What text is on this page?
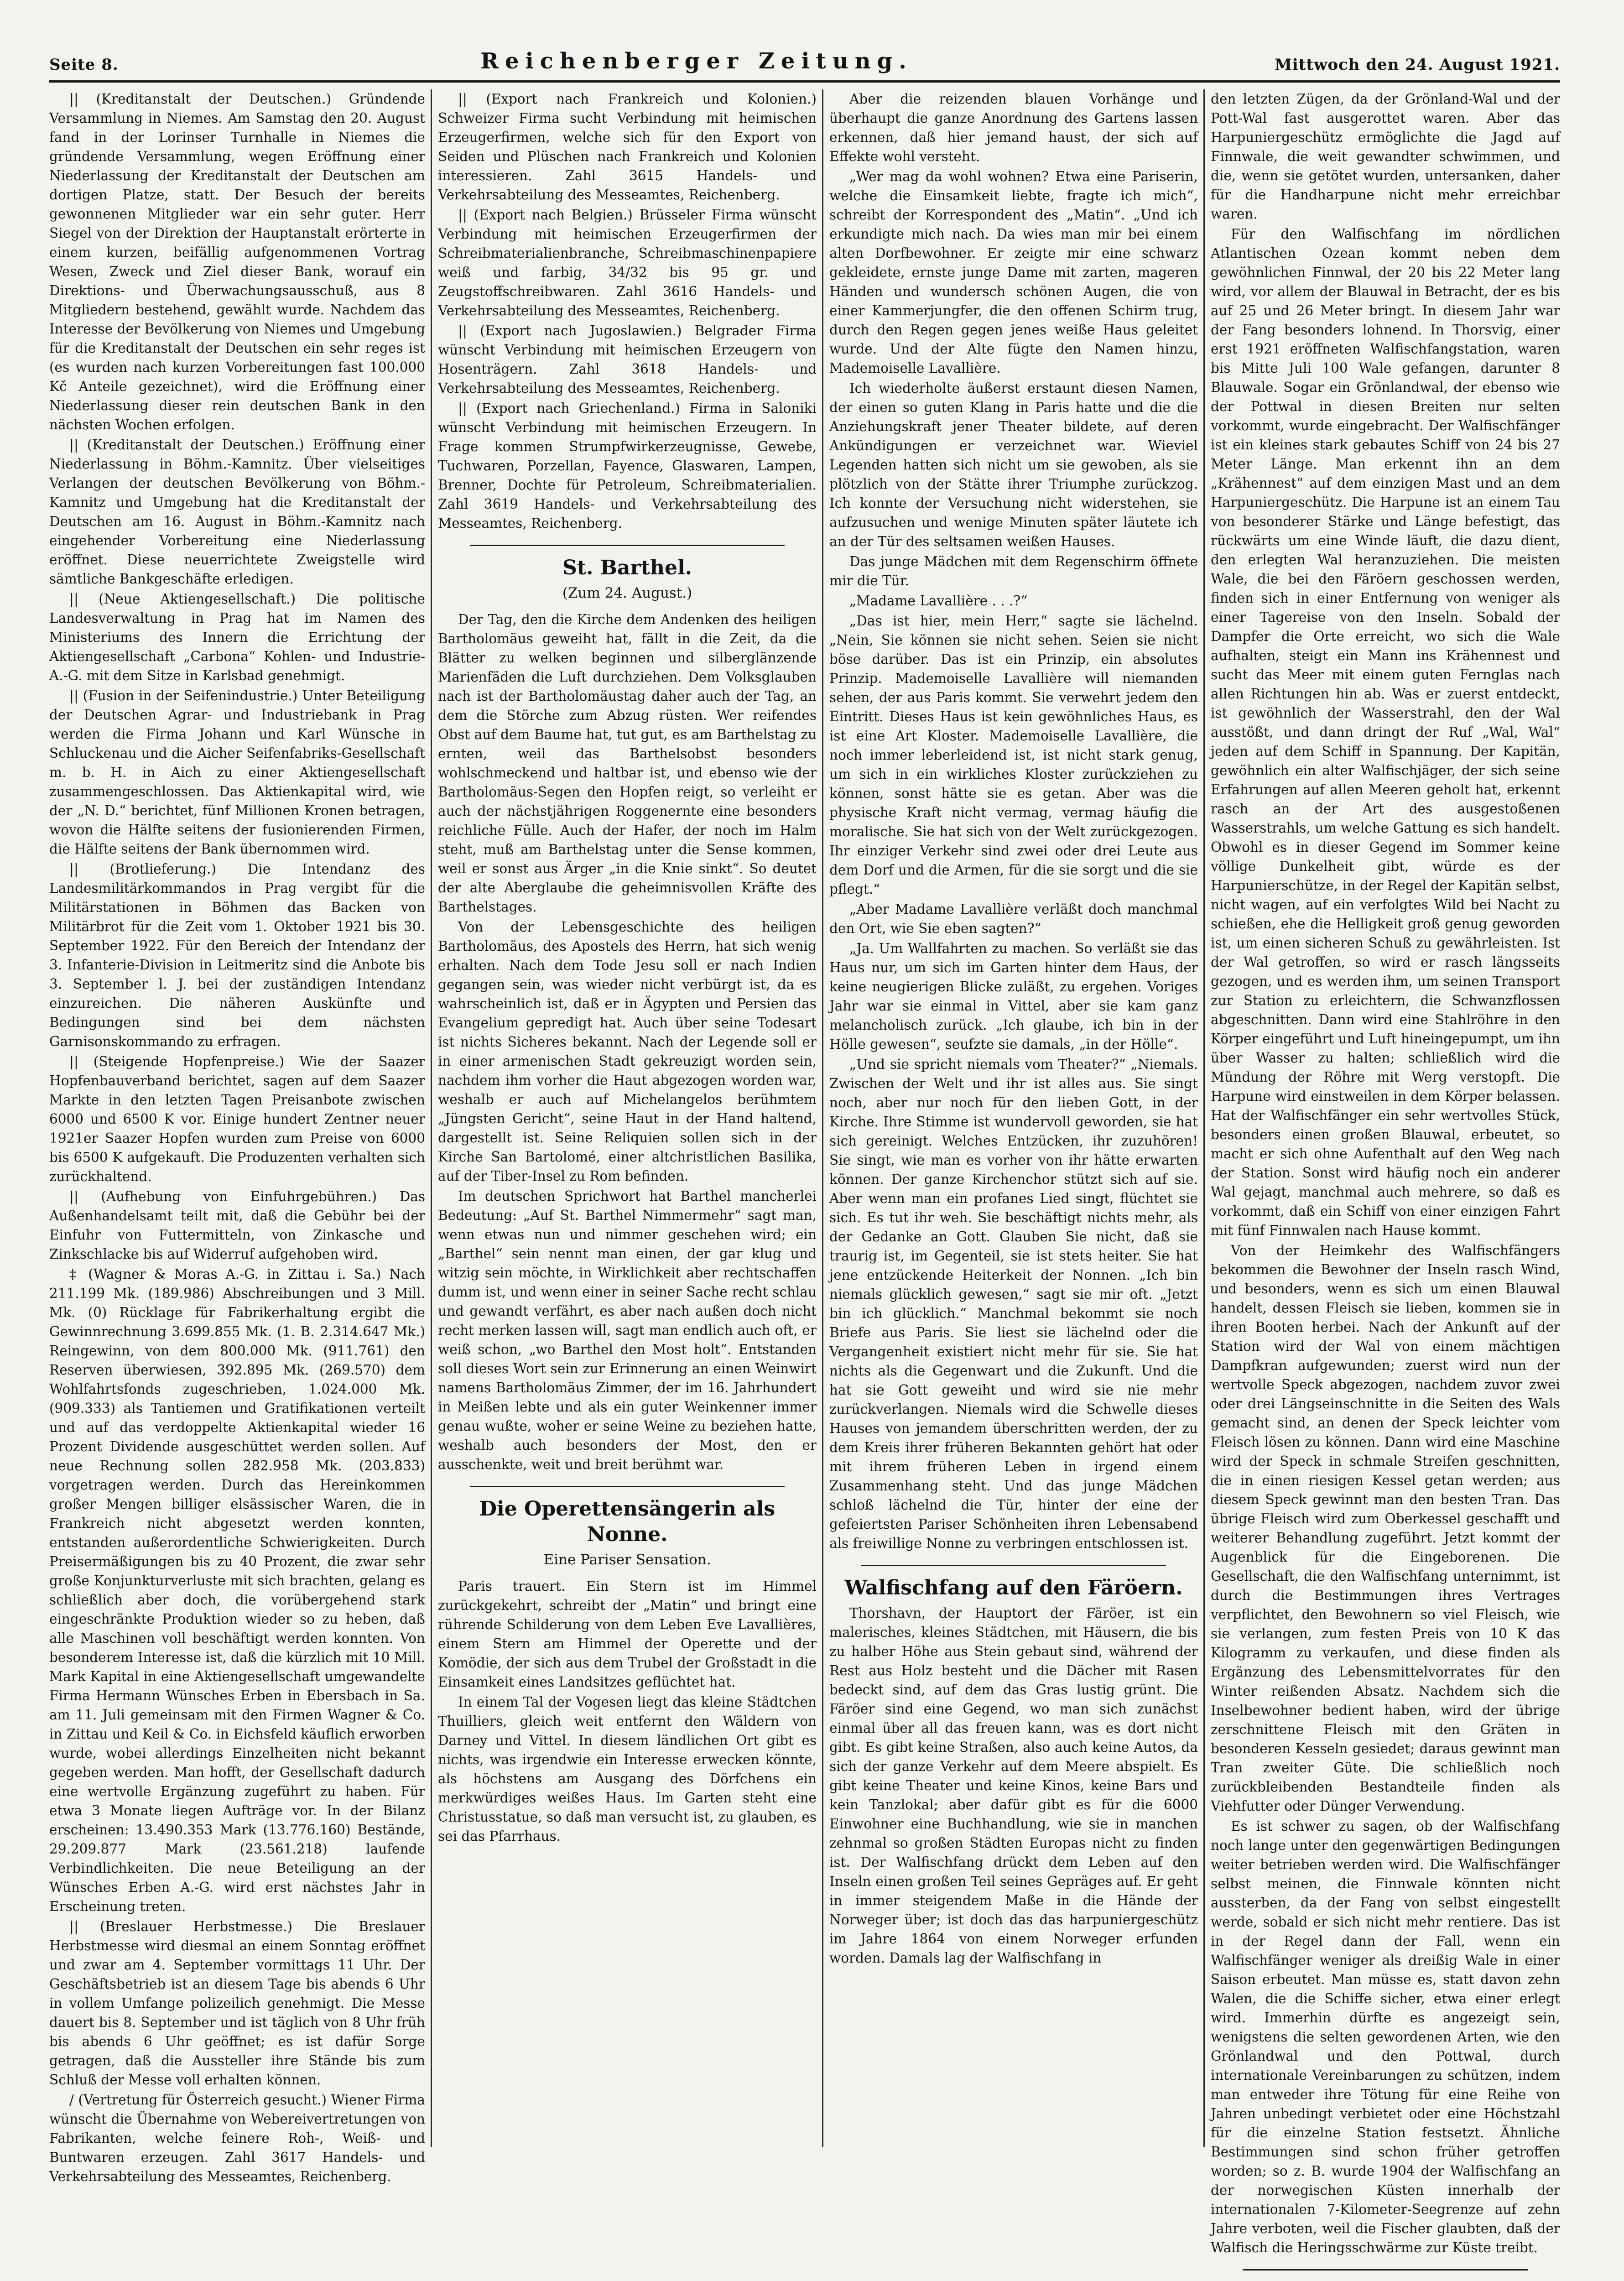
Seite 8.	Reichenberger Zeitung.	Mittwoch den 24. August 1921.

|| (Kreditanstalt der Deutschen.) Gründende Versammlung in Niemes. Am Samstag den 20. August fand in der Lorinser Turnhalle in Niemes die gründende Versammlung, wegen Eröffnung einer Niederlassung der Kreditanstalt der Deutschen am dortigen Platze, statt. Der Besuch der bereits gewonnenen Mitglieder war ein sehr guter. Herr Siegel von der Direktion der Hauptanstalt erörterte in einem kurzen, beifällig aufgenommenen Vortrag Wesen, Zweck und Ziel dieser Bank, worauf ein Direktions- und Überwachungsausschuß, aus 8 Mitgliedern bestehend, gewählt wurde. Nachdem das Interesse der Bevölkerung von Niemes und Umgebung für die Kreditanstalt der Deutschen ein sehr reges ist (es wurden nach kurzen Vorbereitungen fast 100.000 Kč Anteile gezeichnet), wird die Eröffnung einer Niederlassung dieser rein deutschen Bank in den nächsten Wochen erfolgen.

|| (Kreditanstalt der Deutschen.) Eröffnung einer Niederlassung in Böhm.-Kamnitz. Über vielseitiges Verlangen der deutschen Bevölkerung von Böhm.-Kamnitz und Umgebung hat die Kreditanstalt der Deutschen am 16. August in Böhm.-Kamnitz nach eingehender Vorbereitung eine Niederlassung eröffnet. Diese neuerrichtete Zweigstelle wird sämtliche Bankgeschäfte erledigen.

|| (Neue Aktiengesellschaft.) Die politische Landesverwaltung in Prag hat im Namen des Ministeriums des Innern die Errichtung der Aktiengesellschaft „Carbona“ Kohlen- und Industrie-A.-G. mit dem Sitze in Karlsbad genehmigt.

|| (Fusion in der Seifenindustrie.) Unter Beteiligung der Deutschen Agrar- und Industriebank in Prag werden die Firma Johann und Karl Wünsche in Schluckenau und die Aicher Seifenfabriks-Gesellschaft m. b. H. in Aich zu einer Aktiengesellschaft zusammengeschlossen. Das Aktienkapital wird, wie der „N. D.“ berichtet, fünf Millionen Kronen betragen, wovon die Hälfte seitens der fusionierenden Firmen, die Hälfte seitens der Bank übernommen wird.

|| (Brotlieferung.) Die Intendanz des Landesmilitärkommandos in Prag vergibt für die Militärstationen in Böhmen das Backen von Militärbrot für die Zeit vom 1. Oktober 1921 bis 30. September 1922. Für den Bereich der Intendanz der 3. Infanterie-Division in Leitmeritz sind die Anbote bis 3. September l. J. bei der zuständigen Intendanz einzureichen. Die näheren Auskünfte und Bedingungen sind bei dem nächsten Garnisonskommando zu erfragen.

|| (Steigende Hopfenpreise.) Wie der Saazer Hopfenbauverband berichtet, sagen auf dem Saazer Markte in den letzten Tagen Preisanbote zwischen 6000 und 6500 K vor. Einige hundert Zentner neuer 1921er Saazer Hopfen wurden zum Preise von 6000 bis 6500 K aufgekauft. Die Produzenten verhalten sich zurückhaltend.

|| (Aufhebung von Einfuhrgebühren.) Das Außenhandelsamt teilt mit, daß die Gebühr bei der Einfuhr von Futtermitteln, von Zinkasche und Zinkschlacke bis auf Widerruf aufgehoben wird.

‡ (Wagner & Moras A.-G. in Zittau i. Sa.) Nach 211.199 Mk. (189.986) Abschreibungen und 3 Mill. Mk. (0) Rücklage für Fabrikerhaltung ergibt die Gewinnrechnung 3.699.855 Mk. (1. B. 2.314.647 Mk.) Reingewinn, von dem 800.000 Mk. (911.761) den Reserven überwiesen, 392.895 Mk. (269.570) dem Wohlfahrtsfonds zugeschrieben, 1.024.000 Mk. (909.333) als Tantiemen und Gratifikationen verteilt und auf das verdoppelte Aktienkapital wieder 16 Prozent Dividende ausgeschüttet werden sollen. Auf neue Rechnung sollen 282.958 Mk. (203.833) vorgetragen werden. Durch das Hereinkommen großer Mengen billiger elsässischer Waren, die in Frankreich nicht abgesetzt werden konnten, entstanden außerordentliche Schwierigkeiten. Durch Preisermäßigungen bis zu 40 Prozent, die zwar sehr große Konjunkturverluste mit sich brachten, gelang es schließlich aber doch, die vorübergehend stark eingeschränkte Produktion wieder so zu heben, daß alle Maschinen voll beschäftigt werden konnten. Von besonderem Interesse ist, daß die kürzlich mit 10 Mill. Mark Kapital in eine Aktiengesellschaft umgewandelte Firma Hermann Wünsches Erben in Ebersbach in Sa. am 11. Juli gemeinsam mit den Firmen Wagner & Co. in Zittau und Keil & Co. in Eichsfeld käuflich erworben wurde, wobei allerdings Einzelheiten nicht bekannt gegeben werden. Man hofft, der Gesellschaft dadurch eine wertvolle Ergänzung zugeführt zu haben. Für etwa 3 Monate liegen Aufträge vor. In der Bilanz erscheinen: 13.490.353 Mark (13.776.160) Bestände, 29.209.877 Mark (23.561.218) laufende Verbindlichkeiten. Die neue Beteiligung an der Wünsches Erben A.-G. wird erst nächstes Jahr in Erscheinung treten.

|| (Breslauer Herbstmesse.) Die Breslauer Herbstmesse wird diesmal an einem Sonntag eröffnet und zwar am 4. September vormittags 11 Uhr. Der Geschäftsbetrieb ist an diesem Tage bis abends 6 Uhr in vollem Umfange polizeilich genehmigt. Die Messe dauert bis 8. September und ist täglich von 8 Uhr früh bis abends 6 Uhr geöffnet; es ist dafür Sorge getragen, daß die Aussteller ihre Stände bis zum Schluß der Messe voll erhalten können.

/ (Vertretung für Österreich gesucht.) Wiener Firma wünscht die Übernahme von Webereivertretungen von Fabrikanten, welche feinere Roh-, Weiß- und Buntwaren erzeugen. Zahl 3617 Handels- und Verkehrsabteilung des Messeamtes, Reichenberg.

|| (Export nach Frankreich und Kolonien.) Schweizer Firma sucht Verbindung mit heimischen Erzeugerfirmen, welche sich für den Export von Seiden und Plüschen nach Frankreich und Kolonien interessieren. Zahl 3615 Handels- und Verkehrsabteilung des Messeamtes, Reichenberg.

|| (Export nach Belgien.) Brüsseler Firma wünscht Verbindung mit heimischen Erzeugerfirmen der Schreibmaterialienbranche, Schreibmaschinenpapiere weiß und farbig, 34/32 bis 95 gr. und Zeugstoffschreibwaren. Zahl 3616 Handels- und Verkehrsabteilung des Messeamtes, Reichenberg.

|| (Export nach Jugoslawien.) Belgrader Firma wünscht Verbindung mit heimischen Erzeugern von Hosenträgern. Zahl 3618 Handels- und Verkehrsabteilung des Messeamtes, Reichenberg.

|| (Export nach Griechenland.) Firma in Saloniki wünscht Verbindung mit heimischen Erzeugern. In Frage kommen Strumpfwirkerzeugnisse, Gewebe, Tuchwaren, Porzellan, Fayence, Glaswaren, Lampen, Brenner, Dochte für Petroleum, Schreibmaterialien. Zahl 3619 Handels- und Verkehrsabteilung des Messeamtes, Reichenberg.

St. Barthel.
(Zum 24. August.)

Der Tag, den die Kirche dem Andenken des heiligen Bartholomäus geweiht hat, fällt in die Zeit, da die Blätter zu welken beginnen und silberglänzende Marienfäden die Luft durchziehen. Dem Volksglauben nach ist der Bartholomäustag daher auch der Tag, an dem die Störche zum Abzug rüsten. Wer reifendes Obst auf dem Baume hat, tut gut, es am Barthelstag zu ernten, weil das Barthelsobst besonders wohlschmeckend und haltbar ist, und ebenso wie der Bartholomäus-Segen den Hopfen reigt, so verleiht er auch der nächstjährigen Roggenernte eine besonders reichliche Fülle. Auch der Hafer, der noch im Halm steht, muß am Barthelstag unter die Sense kommen, weil er sonst aus Ärger „in die Knie sinkt“. So deutet der alte Aberglaube die geheimnisvollen Kräfte des Barthelstages.

Von der Lebensgeschichte des heiligen Bartholomäus, des Apostels des Herrn, hat sich wenig erhalten. Nach dem Tode Jesu soll er nach Indien gegangen sein, was wieder nicht verbürgt ist, da es wahrscheinlich ist, daß er in Ägypten und Persien das Evangelium gepredigt hat. Auch über seine Todesart ist nichts Sicheres bekannt. Nach der Legende soll er in einer armenischen Stadt gekreuzigt worden sein, nachdem ihm vorher die Haut abgezogen worden war, weshalb er auch auf Michelangelos berühmtem „Jüngsten Gericht“, seine Haut in der Hand haltend, dargestellt ist. Seine Reliquien sollen sich in der Kirche San Bartolomé, einer altchristlichen Basilika, auf der Tiber-Insel zu Rom befinden.

Im deutschen Sprichwort hat Barthel mancherlei Bedeutung: „Auf St. Barthel Nimmermehr“ sagt man, wenn etwas nun und nimmer geschehen wird; ein „Barthel“ sein nennt man einen, der gar klug und witzig sein möchte, in Wirklichkeit aber rechtschaffen dumm ist, und wenn einer in seiner Sache recht schlau und gewandt verfährt, es aber nach außen doch nicht recht merken lassen will, sagt man endlich auch oft, er weiß schon, „wo Barthel den Most holt“. Entstanden soll dieses Wort sein zur Erinnerung an einen Weinwirt namens Bartholomäus Zimmer, der im 16. Jahrhundert in Meißen lebte und als ein guter Weinkenner immer genau wußte, woher er seine Weine zu beziehen hatte, weshalb auch besonders der Most, den er ausschenkte, weit und breit berühmt war.

Die Operettensängerin als Nonne.
Eine Pariser Sensation.

Paris trauert. Ein Stern ist im Himmel zurückgekehrt, schreibt der „Matin“ und bringt eine rührende Schilderung von dem Leben Eve Lavallières, einem Stern am Himmel der Operette und der Komödie, der sich aus dem Trubel der Großstadt in die Einsamkeit eines Landsitzes geflüchtet hat.

In einem Tal der Vogesen liegt das kleine Städtchen Thuilliers, gleich weit entfernt den Wäldern von Darney und Vittel. In diesem ländlichen Ort gibt es nichts, was irgendwie ein Interesse erwecken könnte, als höchstens am Ausgang des Dörfchens ein merkwürdiges weißes Haus. Im Garten steht eine Christusstatue, so daß man versucht ist, zu glauben, es sei das Pfarrhaus.

Aber die reizenden blauen Vorhänge und überhaupt die ganze Anordnung des Gartens lassen erkennen, daß hier jemand haust, der sich auf Effekte wohl versteht.

„Wer mag da wohl wohnen? Etwa eine Pariserin, welche die Einsamkeit liebte, fragte ich mich“, schreibt der Korrespondent des „Matin“. „Und ich erkundigte mich nach. Da wies man mir bei einem alten Dorfbewohner. Er zeigte mir eine schwarz gekleidete, ernste junge Dame mit zarten, mageren Händen und wundersch schönen Augen, die von einer Kammerjungfer, die den offenen Schirm trug, durch den Regen gegen jenes weiße Haus geleitet wurde. Und der Alte fügte den Namen hinzu, Mademoiselle Lavallière.

Ich wiederholte äußerst erstaunt diesen Namen, der einen so guten Klang in Paris hatte und die die Anziehungskraft jener Theater bildete, auf deren Ankündigungen er verzeichnet war. Wieviel Legenden hatten sich nicht um sie gewoben, als sie plötzlich von der Stätte ihrer Triumphe zurückzog. Ich konnte der Versuchung nicht widerstehen, sie aufzusuchen und wenige Minuten später läutete ich an der Tür des seltsamen weißen Hauses.

Das junge Mädchen mit dem Regenschirm öffnete mir die Tür.

„Madame Lavallière . . .?“

„Das ist hier, mein Herr,“ sagte sie lächelnd. „Nein, Sie können sie nicht sehen. Seien sie nicht böse darüber. Das ist ein Prinzip, ein absolutes Prinzip. Mademoiselle Lavallière will niemanden sehen, der aus Paris kommt. Sie verwehrt jedem den Eintritt. Dieses Haus ist kein gewöhnliches Haus, es ist eine Art Kloster. Mademoiselle Lavallière, die noch immer leberleidend ist, ist nicht stark genug, um sich in ein wirkliches Kloster zurückziehen zu können, sonst hätte sie es getan. Aber was die physische Kraft nicht vermag, vermag häufig die moralische. Sie hat sich von der Welt zurückgezogen. Ihr einziger Verkehr sind zwei oder drei Leute aus dem Dorf und die Armen, für die sie sorgt und die sie pflegt.“

„Aber Madame Lavallière verläßt doch manchmal den Ort, wie Sie eben sagten?“

„Ja. Um Wallfahrten zu machen. So verläßt sie das Haus nur, um sich im Garten hinter dem Haus, der keine neugierigen Blicke zuläßt, zu ergehen. Voriges Jahr war sie einmal in Vittel, aber sie kam ganz melancholisch zurück. „Ich glaube, ich bin in der Hölle gewesen“, seufzte sie damals, „in der Hölle“.

„Und sie spricht niemals vom Theater?“ „Niemals. Zwischen der Welt und ihr ist alles aus. Sie singt noch, aber nur noch für den lieben Gott, in der Kirche. Ihre Stimme ist wundervoll geworden, sie hat sich gereinigt. Welches Entzücken, ihr zuzuhören! Sie singt, wie man es vorher von ihr hätte erwarten können. Der ganze Kirchenchor stützt sich auf sie. Aber wenn man ein profanes Lied singt, flüchtet sie sich. Es tut ihr weh. Sie beschäftigt nichts mehr, als der Gedanke an Gott. Glauben Sie nicht, daß sie traurig ist, im Gegenteil, sie ist stets heiter. Sie hat jene entzückende Heiterkeit der Nonnen. „Ich bin niemals glücklich gewesen,“ sagt sie mir oft. „Jetzt bin ich glücklich.“ Manchmal bekommt sie noch Briefe aus Paris. Sie liest sie lächelnd oder die Vergangenheit existiert nicht mehr für sie. Sie hat nichts als die Gegenwart und die Zukunft. Und die hat sie Gott geweiht und wird sie nie mehr zurückverlangen. Niemals wird die Schwelle dieses Hauses von jemandem überschritten werden, der zu dem Kreis ihrer früheren Bekannten gehört hat oder mit ihrem früheren Leben in irgend einem Zusammenhang steht. Und das junge Mädchen schloß lächelnd die Tür, hinter der eine der gefeiertsten Pariser Schönheiten ihren Lebensabend als freiwillige Nonne zu verbringen entschlossen ist.

Walfischfang auf den Färöern.

Thorshavn, der Hauptort der Färöer, ist ein malerisches, kleines Städtchen, mit Häusern, die bis zu halber Höhe aus Stein gebaut sind, während der Rest aus Holz besteht und die Dächer mit Rasen bedeckt sind, auf dem das Gras lustig grünt. Die Färöer sind eine Gegend, wo man sich zunächst einmal über all das freuen kann, was es dort nicht gibt. Es gibt keine Straßen, also auch keine Autos, da sich der ganze Verkehr auf dem Meere abspielt. Es gibt keine Theater und keine Kinos, keine Bars und kein Tanzlokal; aber dafür gibt es für die 6000 Einwohner eine Buchhandlung, wie sie in manchen zehnmal so großen Städten Europas nicht zu finden ist. Der Walfischfang drückt dem Leben auf den Inseln einen großen Teil seines Gepräges auf. Er geht in immer steigendem Maße in die Hände der Norweger über; ist doch das das harpuniergeschütz im Jahre 1864 von einem Norweger erfunden worden. Damals lag der Walfischfang in

den letzten Zügen, da der Grönland-Wal und der Pott-Wal fast ausgerottet waren. Aber das Harpuniergeschütz ermöglichte die Jagd auf Finnwale, die weit gewandter schwimmen, und die, wenn sie getötet wurden, untersanken, daher für die Handharpune nicht mehr erreichbar waren.

Für den Walfischfang im nördlichen Atlantischen Ozean kommt neben dem gewöhnlichen Finnwal, der 20 bis 22 Meter lang wird, vor allem der Blauwal in Betracht, der es bis auf 25 und 26 Meter bringt. In diesem Jahr war der Fang besonders lohnend. In Thorsvig, einer erst 1921 eröffneten Walfischfangstation, waren bis Mitte Juli 100 Wale gefangen, darunter 8 Blauwale. Sogar ein Grönlandwal, der ebenso wie der Pottwal in diesen Breiten nur selten vorkommt, wurde eingebracht. Der Walfischfänger ist ein kleines stark gebautes Schiff von 24 bis 27 Meter Länge. Man erkennt ihn an dem „Krähennest“ auf dem einzigen Mast und an dem Harpuniergeschütz. Die Harpune ist an einem Tau von besonderer Stärke und Länge befestigt, das rückwärts um eine Winde läuft, die dazu dient, den erlegten Wal heranzuziehen. Die meisten Wale, die bei den Färöern geschossen werden, finden sich in einer Entfernung von weniger als einer Tagereise von den Inseln. Sobald der Dampfer die Orte erreicht, wo sich die Wale aufhalten, steigt ein Mann ins Krähennest und sucht das Meer mit einem guten Fernglas nach allen Richtungen hin ab. Was er zuerst entdeckt, ist gewöhnlich der Wasserstrahl, den der Wal ausstößt, und dann dringt der Ruf „Wal, Wal“ jeden auf dem Schiff in Spannung. Der Kapitän, gewöhnlich ein alter Walfischjäger, der sich seine Erfahrungen auf allen Meeren geholt hat, erkennt rasch an der Art des ausgestoßenen Wasserstrahls, um welche Gattung es sich handelt. Obwohl es in dieser Gegend im Sommer keine völlige Dunkelheit gibt, würde es der Harpunierschütze, in der Regel der Kapitän selbst, nicht wagen, auf ein verfolgtes Wild bei Nacht zu schießen, ehe die Helligkeit groß genug geworden ist, um einen sicheren Schuß zu gewährleisten. Ist der Wal getroffen, so wird er rasch längsseits gezogen, und es werden ihm, um seinen Transport zur Station zu erleichtern, die Schwanzflossen abgeschnitten. Dann wird eine Stahlröhre in den Körper eingeführt und Luft hineingepumpt, um ihn über Wasser zu halten; schließlich wird die Mündung der Röhre mit Werg verstopft. Die Harpune wird einstweilen in dem Körper belassen. Hat der Walfischfänger ein sehr wertvolles Stück, besonders einen großen Blauwal, erbeutet, so macht er sich ohne Aufenthalt auf den Weg nach der Station. Sonst wird häufig noch ein anderer Wal gejagt, manchmal auch mehrere, so daß es vorkommt, daß ein Schiff von einer einzigen Fahrt mit fünf Finnwalen nach Hause kommt.

Von der Heimkehr des Walfischfängers bekommen die Bewohner der Inseln rasch Wind, und besonders, wenn es sich um einen Blauwal handelt, dessen Fleisch sie lieben, kommen sie in ihren Booten herbei. Nach der Ankunft auf der Station wird der Wal von einem mächtigen Dampfkran aufgewunden; zuerst wird nun der wertvolle Speck abgezogen, nachdem zuvor zwei oder drei Längseinschnitte in die Seiten des Wals gemacht sind, an denen der Speck leichter vom Fleisch lösen zu können. Dann wird eine Maschine wird der Speck in schmale Streifen geschnitten, die in einen riesigen Kessel getan werden; aus diesem Speck gewinnt man den besten Tran. Das übrige Fleisch wird zum Oberkessel geschafft und weiterer Behandlung zugeführt. Jetzt kommt der Augenblick für die Eingeborenen. Die Gesellschaft, die den Walfischfang unternimmt, ist durch die Bestimmungen ihres Vertrages verpflichtet, den Bewohnern so viel Fleisch, wie sie verlangen, zum festen Preis von 10 K das Kilogramm zu verkaufen, und diese finden als Ergänzung des Lebensmittelvorrates für den Winter reißenden Absatz. Nachdem sich die Inselbewohner bedient haben, wird der übrige zerschnittene Fleisch mit den Gräten in besonderen Kesseln gesiedet; daraus gewinnt man Tran zweiter Güte. Die schließlich noch zurückbleibenden Bestandteile finden als Viehfutter oder Dünger Verwendung.

Es ist schwer zu sagen, ob der Walfischfang noch lange unter den gegenwärtigen Bedingungen weiter betrieben werden wird. Die Walfischfänger selbst meinen, die Finnwale könnten nicht aussterben, da der Fang von selbst eingestellt werde, sobald er sich nicht mehr rentiere. Das ist in der Regel dann der Fall, wenn ein Walfischfänger weniger als dreißig Wale in einer Saison erbeutet. Man müsse es, statt davon zehn Walen, die die Schiffe sicher, etwa einer erlegt wird. Immerhin dürfte es angezeigt sein, wenigstens die selten gewordenen Arten, wie den Grönlandwal und den Pottwal, durch internationale Vereinbarungen zu schützen, indem man entweder ihre Tötung für eine Reihe von Jahren unbedingt verbietet oder eine Höchstzahl für die einzelne Station festsetzt. Ähnliche Bestimmungen sind schon früher getroffen worden; so z. B. wurde 1904 der Walfischfang an der norwegischen Küsten innerhalb der internationalen 7-Kilometer-Seegrenze auf zehn Jahre verboten, weil die Fischer glaubten, daß der Walfisch die Heringsschwärme zur Küste treibt.
